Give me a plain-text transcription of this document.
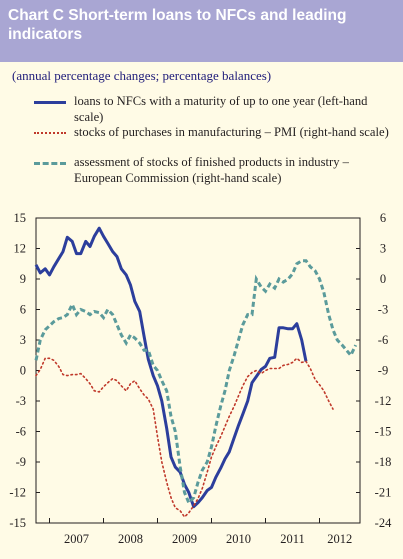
Chart C Short-term loans to NFCs and leading indicators
(annual percentage changes; percentage balances)
loans to NFCs with a maturity of up to one year (left-hand scale)
stocks of purchases in manufacturing – PMI (right-hand scale)
assessment of stocks of finished products in industry – European Commission (right-hand scale)
15
12
9
6
3
0
-3
-6
-9
-12
-15
6
3
0
-3
-6
-9
-12
-15
-18
-21
-24
2007 2008 2009 2010 2011 2012
